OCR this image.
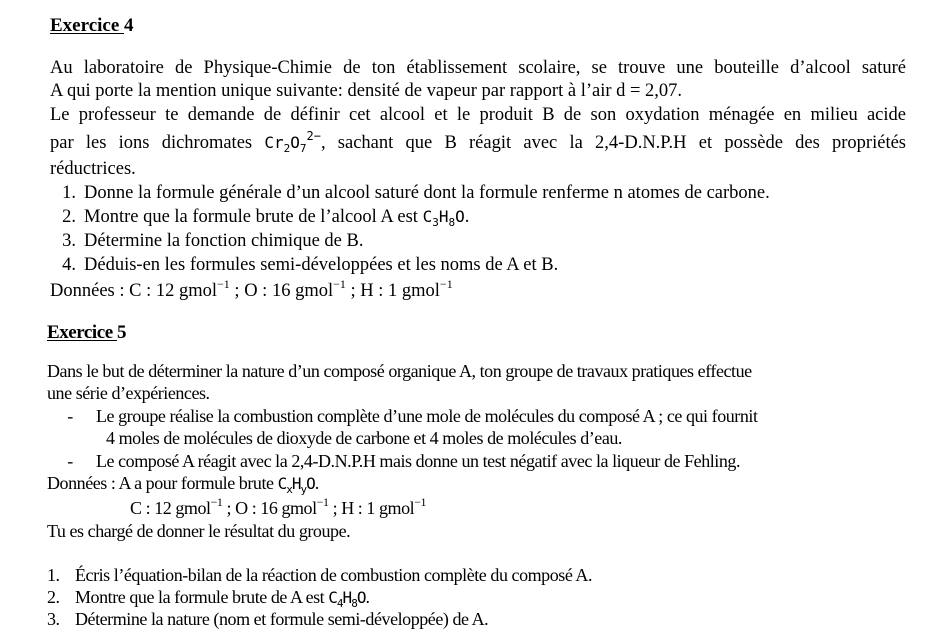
Exercice 4
Au laboratoire de Physique-Chimie de ton établissement scolaire, se trouve une bouteille d’alcool saturé
A qui porte la mention unique suivante: densité de vapeur par rapport à l’air d = 2,07.
Le professeur te demande de définir cet alcool et le produit B de son oxydation ménagée en milieu acide
par les ions dichromates $Cr_2O_7^{2-}$, sachant que B réagit avec la 2,4-D.N.P.H et possède des propriétés
réductrices.
1. Donne la formule générale d’un alcool saturé dont la formule renferme n atomes de carbone.
2. Montre que la formule brute de l’alcool A est $C_3H_8O$.
3. Détermine la fonction chimique de B.
4. Déduis-en les formules semi-développées et les noms de A et B.
Données : C : 12 gmol$^{-1}$ ; O : 16 gmol$^{-1}$ ; H : 1 gmol$^{-1}$
Exercice 5
Dans le but de déterminer la nature d’un composé organique A, ton groupe de travaux pratiques effectue
une série d’expériences.
- Le groupe réalise la combustion complète d’une mole de molécules du composé A ; ce qui fournit
4 moles de molécules de dioxyde de carbone et 4 moles de molécules d’eau.
- Le composé A réagit avec la 2,4-D.N.P.H mais donne un test négatif avec la liqueur de Fehling.
Données : A a pour formule brute $C_xH_yO$.
C : 12 gmol$^{-1}$ ; O : 16 gmol$^{-1}$ ; H : 1 gmol$^{-1}$
Tu es chargé de donner le résultat du groupe.
1. Écris l’équation-bilan de la réaction de combustion complète du composé A.
2. Montre que la formule brute de A est $C_4H_8O$.
3. Détermine la nature (nom et formule semi-développée) de A.
